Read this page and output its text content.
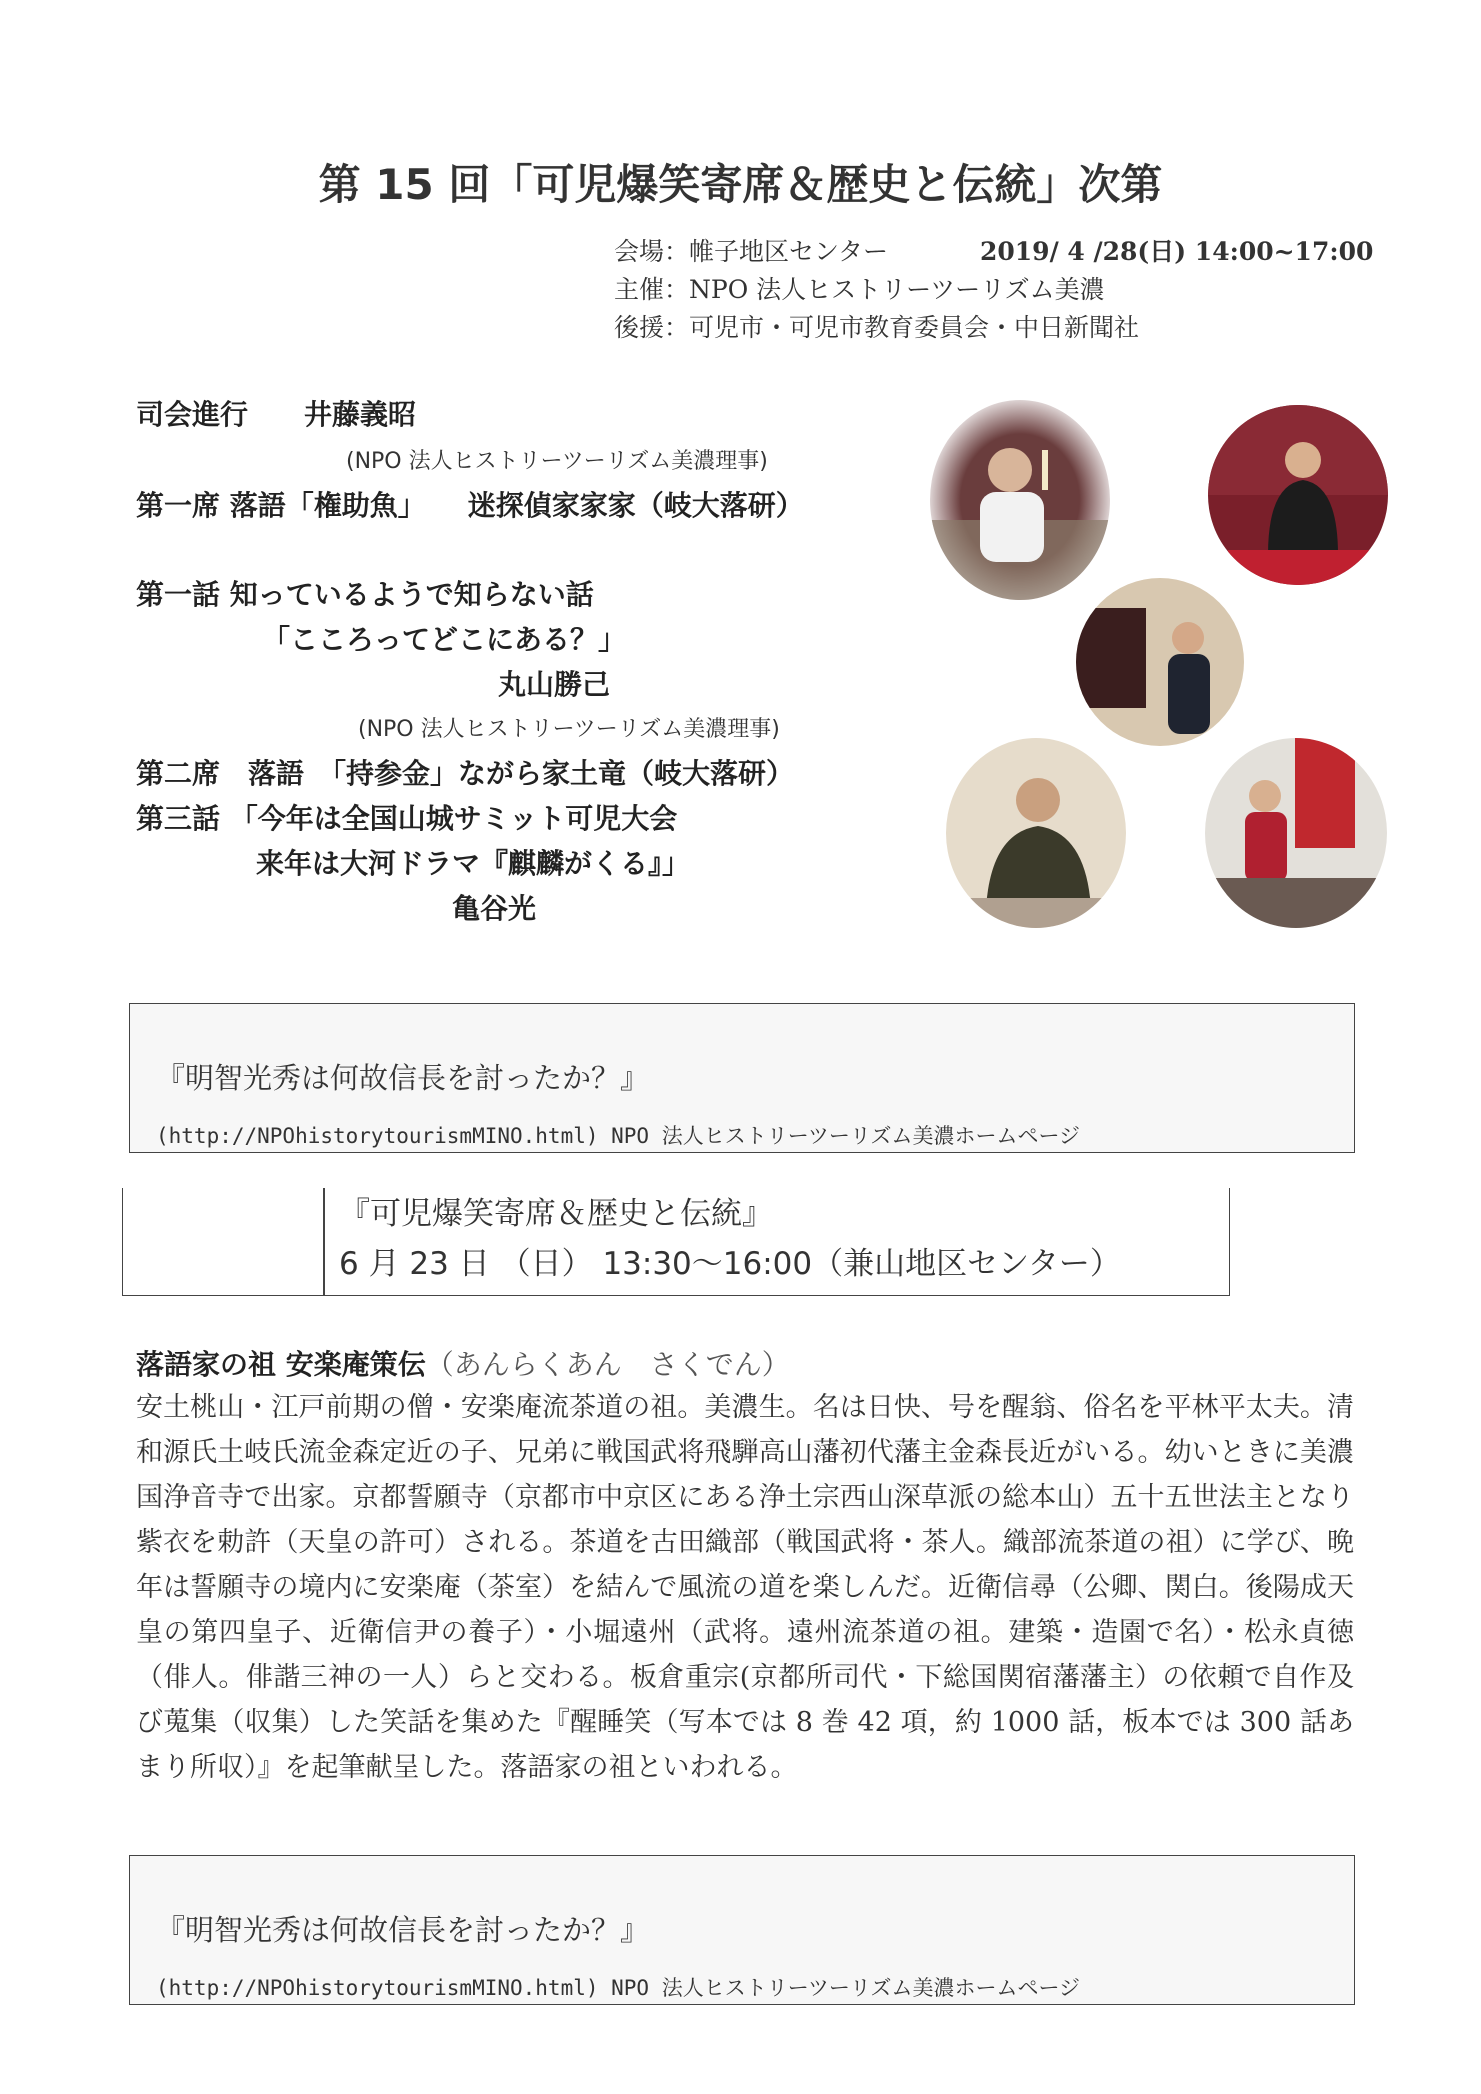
第 15 回「可児爆笑寄席＆歴史と伝統」次第
会場：帷子地区センター	2019/ 4 /28(日) 14:00~17:00
主催：NPO 法人ヒストリーツーリズム美濃
後援：可児市・可児市教育委員会・中日新聞社
司会進行　　井藤義昭
(NPO 法人ヒストリーツーリズム美濃理事)
第一席 落語「権助魚」　　迷探偵家家家（岐大落研）
第一話 知っているようで知らない話
「こころってどこにある？」
丸山勝己
(NPO 法人ヒストリーツーリズム美濃理事)
第二席　落語　「持参金」ながら家土竜（岐大落研）
第三話 「今年は全国山城サミット可児大会
来年は大河ドラマ『麒麟がくる』」
亀谷光
『明智光秀は何故信長を討ったか？』
(http://NPOhistorytourismMINO.html) NPO 法人ヒストリーツーリズム美濃ホームページ
『可児爆笑寄席＆歴史と伝統』
6 月 23 日 （日） 13:30〜16:00（兼山地区センター）
落語家の祖 安楽庵策伝（あんらくあん　さくでん）
安土桃山・江戸前期の僧・安楽庵流茶道の祖。美濃生。名は日快、号を醒翁、俗名を平林平太夫。清和源氏土岐氏流金森定近の子、兄弟に戦国武将飛騨高山藩初代藩主金森長近がいる。幼いときに美濃国浄音寺で出家。京都誓願寺（京都市中京区にある浄土宗西山深草派の総本山）五十五世法主となり紫衣を勅許（天皇の許可）される。茶道を古田織部（戦国武将・茶人。織部流茶道の祖）に学び、晩年は誓願寺の境内に安楽庵（茶室）を結んで風流の道を楽しんだ。近衛信尋（公卿、関白。後陽成天皇の第四皇子、近衛信尹の養子）・小堀遠州（武将。遠州流茶道の祖。建築・造園で名）・松永貞徳（俳人。俳諧三神の一人）らと交わる。板倉重宗(京都所司代・下総国関宿藩藩主）の依頼で自作及び蒐集（収集）した笑話を集めた『醒睡笑（写本では 8 巻 42 項，約 1000 話，板本では 300 話あまり所収）』を起筆献呈した。落語家の祖といわれる。
『明智光秀は何故信長を討ったか？』
(http://NPOhistorytourismMINO.html) NPO 法人ヒストリーツーリズム美濃ホームページ
